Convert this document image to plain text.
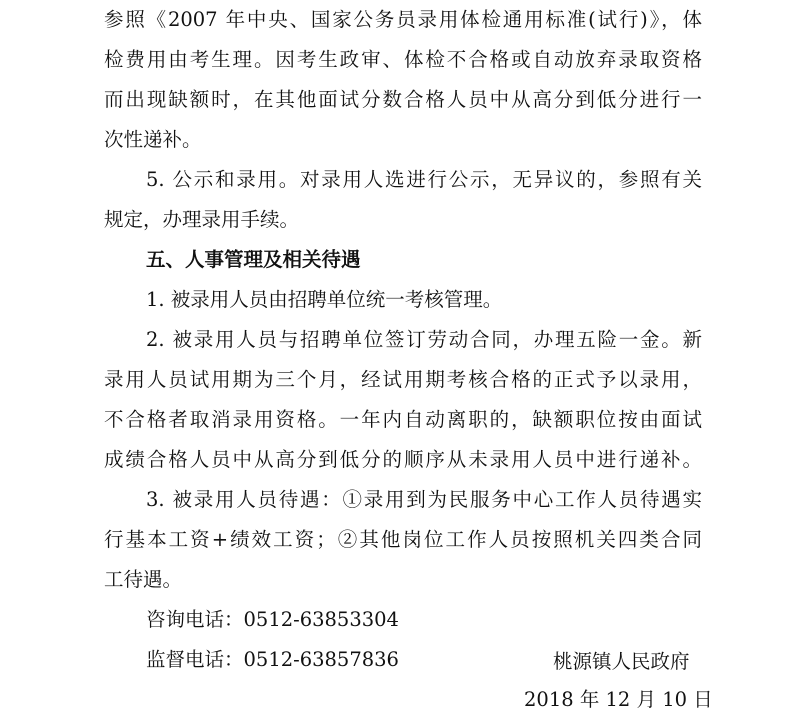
参照《2007 年中央、国家公务员录用体检通用标准(试行)》，体
检费用由考生理。因考生政审、体检不合格或自动放弃录取资格
而出现缺额时，在其他面试分数合格人员中从高分到低分进行一
次性递补。
5. 公示和录用。对录用人选进行公示，无异议的，参照有关
规定，办理录用手续。
五、人事管理及相关待遇
1. 被录用人员由招聘单位统一考核管理。
2. 被录用人员与招聘单位签订劳动合同，办理五险一金。新
录用人员试用期为三个月，经试用期考核合格的正式予以录用，
不合格者取消录用资格。一年内自动离职的，缺额职位按由面试
成绩合格人员中从高分到低分的顺序从未录用人员中进行递补。
3. 被录用人员待遇：①录用到为民服务中心工作人员待遇实
行基本工资+绩效工资；②其他岗位工作人员按照机关四类合同
工待遇。
咨询电话：0512-63853304
监督电话：0512-63857836	桃源镇人民政府
2018 年 12 月 10 日
